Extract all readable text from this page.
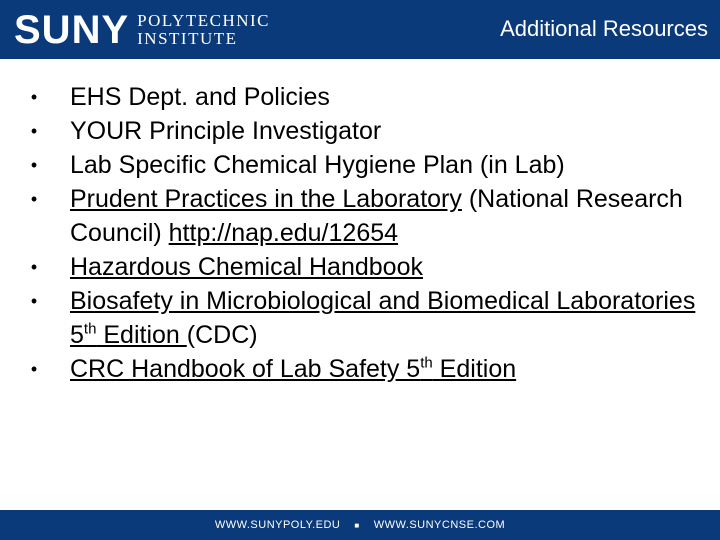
SUNY POLYTECHNIC
INSTITUTE	Additional Resources
• EHS Dept. and Policies
• YOUR Principle Investigator
• Lab Specific Chemical Hygiene Plan (in Lab)
• Prudent Practices in the Laboratory (National Research Council) http://nap.edu/12654
• Hazardous Chemical Handbook
• Biosafety in Microbiological and Biomedical Laboratories 5th Edition (CDC)
• CRC Handbook of Lab Safety 5th Edition
WWW.SUNYPOLY.EDU ■ WWW.SUNYCNSE.COM
